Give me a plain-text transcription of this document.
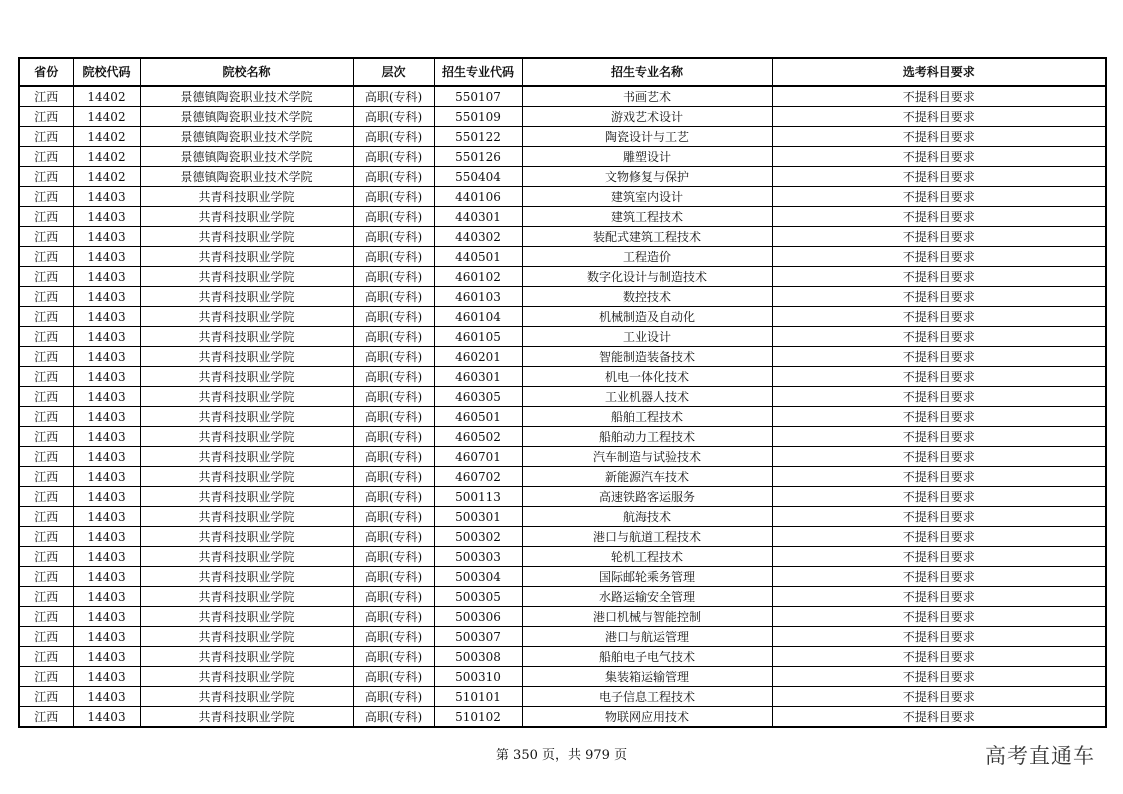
省份	院校代码	院校名称	层次	招生专业代码	招生专业名称	选考科目要求
江西	14402	景德镇陶瓷职业技术学院	高职(专科)	550107	书画艺术	不提科目要求
江西	14402	景德镇陶瓷职业技术学院	高职(专科)	550109	游戏艺术设计	不提科目要求
江西	14402	景德镇陶瓷职业技术学院	高职(专科)	550122	陶瓷设计与工艺	不提科目要求
江西	14402	景德镇陶瓷职业技术学院	高职(专科)	550126	雕塑设计	不提科目要求
江西	14402	景德镇陶瓷职业技术学院	高职(专科)	550404	文物修复与保护	不提科目要求
江西	14403	共青科技职业学院	高职(专科)	440106	建筑室内设计	不提科目要求
江西	14403	共青科技职业学院	高职(专科)	440301	建筑工程技术	不提科目要求
江西	14403	共青科技职业学院	高职(专科)	440302	装配式建筑工程技术	不提科目要求
江西	14403	共青科技职业学院	高职(专科)	440501	工程造价	不提科目要求
江西	14403	共青科技职业学院	高职(专科)	460102	数字化设计与制造技术	不提科目要求
江西	14403	共青科技职业学院	高职(专科)	460103	数控技术	不提科目要求
江西	14403	共青科技职业学院	高职(专科)	460104	机械制造及自动化	不提科目要求
江西	14403	共青科技职业学院	高职(专科)	460105	工业设计	不提科目要求
江西	14403	共青科技职业学院	高职(专科)	460201	智能制造装备技术	不提科目要求
江西	14403	共青科技职业学院	高职(专科)	460301	机电一体化技术	不提科目要求
江西	14403	共青科技职业学院	高职(专科)	460305	工业机器人技术	不提科目要求
江西	14403	共青科技职业学院	高职(专科)	460501	船舶工程技术	不提科目要求
江西	14403	共青科技职业学院	高职(专科)	460502	船舶动力工程技术	不提科目要求
江西	14403	共青科技职业学院	高职(专科)	460701	汽车制造与试验技术	不提科目要求
江西	14403	共青科技职业学院	高职(专科)	460702	新能源汽车技术	不提科目要求
江西	14403	共青科技职业学院	高职(专科)	500113	高速铁路客运服务	不提科目要求
江西	14403	共青科技职业学院	高职(专科)	500301	航海技术	不提科目要求
江西	14403	共青科技职业学院	高职(专科)	500302	港口与航道工程技术	不提科目要求
江西	14403	共青科技职业学院	高职(专科)	500303	轮机工程技术	不提科目要求
江西	14403	共青科技职业学院	高职(专科)	500304	国际邮轮乘务管理	不提科目要求
江西	14403	共青科技职业学院	高职(专科)	500305	水路运输安全管理	不提科目要求
江西	14403	共青科技职业学院	高职(专科)	500306	港口机械与智能控制	不提科目要求
江西	14403	共青科技职业学院	高职(专科)	500307	港口与航运管理	不提科目要求
江西	14403	共青科技职业学院	高职(专科)	500308	船舶电子电气技术	不提科目要求
江西	14403	共青科技职业学院	高职(专科)	500310	集装箱运输管理	不提科目要求
江西	14403	共青科技职业学院	高职(专科)	510101	电子信息工程技术	不提科目要求
江西	14403	共青科技职业学院	高职(专科)	510102	物联网应用技术	不提科目要求
第 350 页，共 979 页	高考直通车
